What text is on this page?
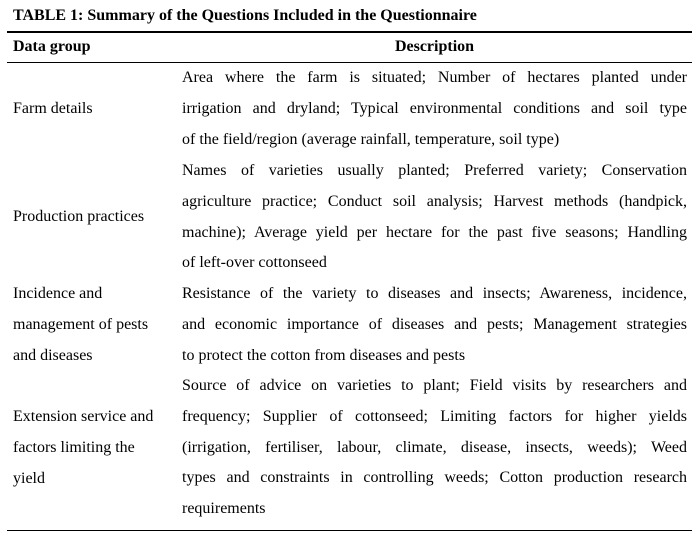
TABLE 1: Summary of the Questions Included in the Questionnaire
Data group	Description
Farm details
Area where the farm is situated; Number of hectares planted under
irrigation and dryland; Typical environmental conditions and soil type
of the field/region (average rainfall, temperature, soil type)
Production practices
Names of varieties usually planted; Preferred variety; Conservation
agriculture practice; Conduct soil analysis; Harvest methods (handpick,
machine); Average yield per hectare for the past five seasons; Handling
of left-over cottonseed
Incidence and
management of pests
and diseases
Resistance of the variety to diseases and insects; Awareness, incidence,
and economic importance of diseases and pests; Management strategies
to protect the cotton from diseases and pests
Extension service and
factors limiting the
yield
Source of advice on varieties to plant; Field visits by researchers and
frequency; Supplier of cottonseed; Limiting factors for higher yields
(irrigation, fertiliser, labour, climate, disease, insects, weeds); Weed
types and constraints in controlling weeds; Cotton production research
requirements
